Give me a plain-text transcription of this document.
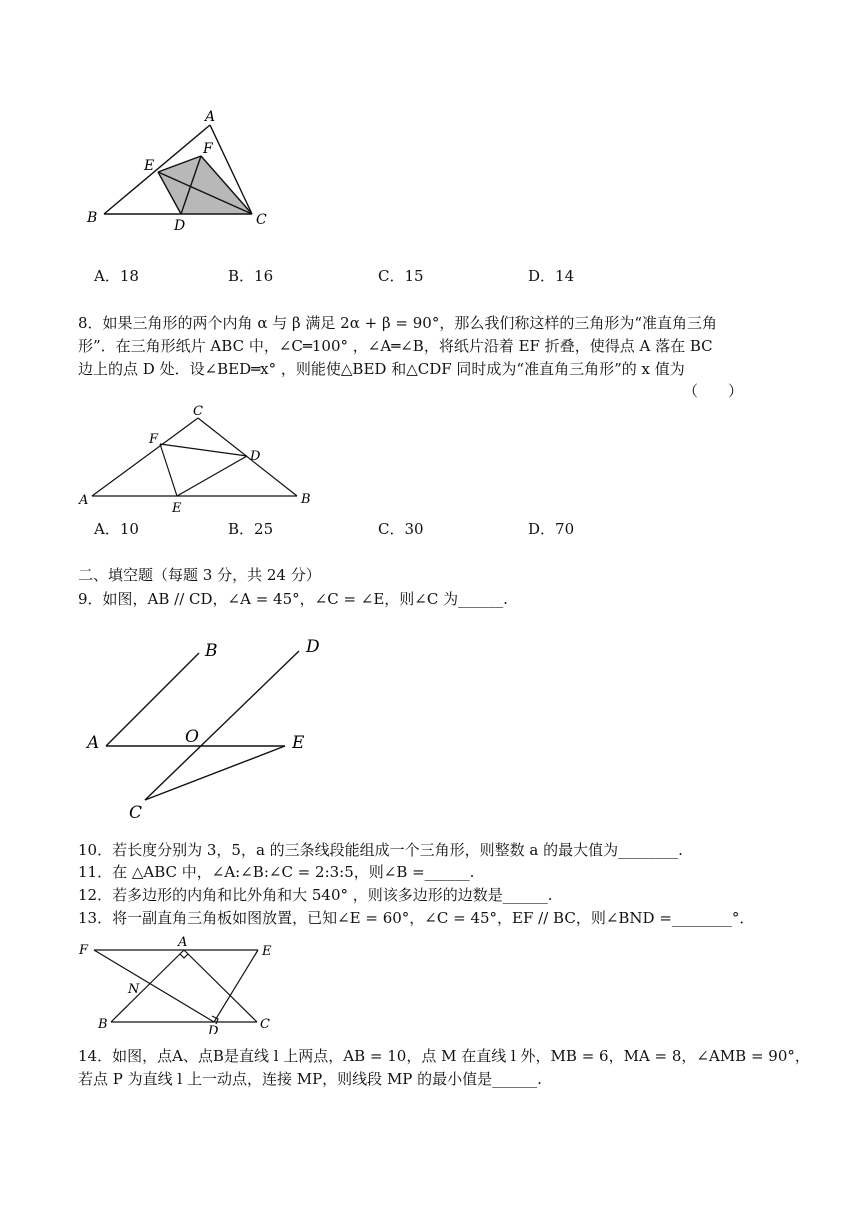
A
E
F
B	D	C
A．18	B．16	C．15	D．14
8．如果三角形的两个内角 α 与 β 满足 2α + β = 90°，那么我们称这样的三角形为“准直角三角
形”．在三角形纸片 ABC 中，∠C═100° ，∠A═∠B，将纸片沿着 EF 折叠，使得点 A 落在 BC
边上的点 D 处．设∠BED═x° ，则能使△BED 和△CDF 同时成为“准直角三角形”的 x 值为
（　　）
C
F
D
A
E
B
A．10	B．25	C．30	D．70
二、填空题（每题 3 分，共 24 分）
9．如图，AB // CD，∠A = 45°，∠C = ∠E，则∠C 为______.
B	D
A	O	E
C
10．若长度分别为 3，5，a 的三条线段能组成一个三角形，则整数 a 的最大值为________.
11．在 △ABC 中，∠A:∠B:∠C = 2:3:5，则∠B =______.
12．若多边形的内角和比外角和大 540° ，则该多边形的边数是______.
13．将一副直角三角板如图放置，已知∠E = 60°，∠C = 45°，EF // BC，则∠BND =________°．
F
A
E
N
B	D	C
14．如图，点A、点B是直线 l 上两点，AB = 10，点 M 在直线 l 外，MB = 6，MA = 8，∠AMB = 90°，
若点 P 为直线 l 上一动点，连接 MP，则线段 MP 的最小值是______.
